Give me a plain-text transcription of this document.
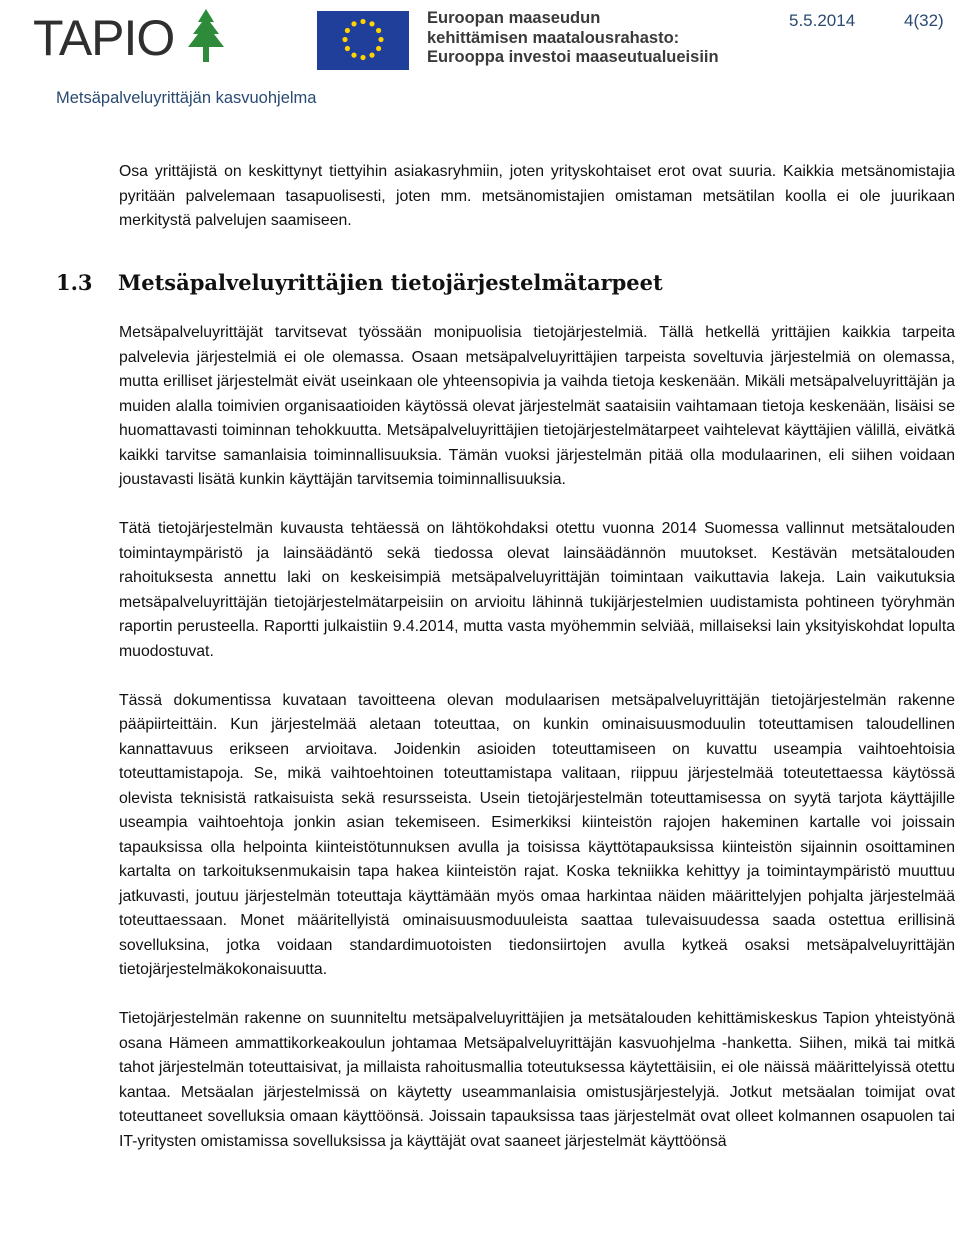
TAPIO	Euroopan maaseudun
kehittämisen maatalousrahasto:
Eurooppa investoi maaseutualueisiin
5.5.2014	4(32)
Metsäpalveluyrittäjän kasvuohjelma

Osa yrittäjistä on keskittynyt tiettyihin asiakasryhmiin, joten yrityskohtaiset erot ovat suuria. Kaikkia metsänomistajia pyritään palvelemaan tasapuolisesti, joten mm. metsänomistajien omistaman metsätilan koolla ei ole juurikaan merkitystä palvelujen saamiseen.

1.3 Metsäpalveluyrittäjien tietojärjestelmätarpeet

Metsäpalveluyrittäjät tarvitsevat työssään monipuolisia tietojärjestelmiä. Tällä hetkellä yrittäjien kaikkia tarpeita palvelevia järjestelmiä ei ole olemassa. Osaan metsäpalveluyrittäjien tarpeista soveltuvia järjestelmiä on olemassa, mutta erilliset järjestelmät eivät useinkaan ole yhteensopivia ja vaihda tietoja keskenään. Mikäli metsäpalveluyrittäjän ja muiden alalla toimivien organisaatioiden käytössä olevat järjestelmät saataisiin vaihtamaan tietoja keskenään, lisäisi se huomattavasti toiminnan tehokkuutta. Metsäpalveluyrittäjien tietojärjestelmätarpeet vaihtelevat käyttäjien välillä, eivätkä kaikki tarvitse samanlaisia toiminnallisuuksia. Tämän vuoksi järjestelmän pitää olla modulaarinen, eli siihen voidaan joustavasti lisätä kunkin käyttäjän tarvitsemia toiminnallisuuksia.

Tätä tietojärjestelmän kuvausta tehtäessä on lähtökohdaksi otettu vuonna 2014 Suomessa vallinnut metsätalouden toimintaympäristö ja lainsäädäntö sekä tiedossa olevat lainsäädännön muutokset. Kestävän metsätalouden rahoituksesta annettu laki on keskeisimpiä metsäpalveluyrittäjän toimintaan vaikuttavia lakeja. Lain vaikutuksia metsäpalveluyrittäjän tietojärjestelmätarpeisiin on arvioitu lähinnä tukijärjestelmien uudistamista pohtineen työryhmän raportin perusteella. Raportti julkaistiin 9.4.2014, mutta vasta myöhemmin selviää, millaiseksi lain yksityiskohdat lopulta muodostuvat.

Tässä dokumentissa kuvataan tavoitteena olevan modulaarisen metsäpalveluyrittäjän tietojärjestelmän rakenne pääpiirteittäin. Kun järjestelmää aletaan toteuttaa, on kunkin ominaisuusmoduulin toteuttamisen taloudellinen kannattavuus erikseen arvioitava. Joidenkin asioiden toteuttamiseen on kuvattu useampia vaihtoehtoisia toteuttamistapoja. Se, mikä vaihtoehtoinen toteuttamistapa valitaan, riippuu järjestelmää toteutettaessa käytössä olevista teknisistä ratkaisuista sekä resursseista. Usein tietojärjestelmän toteuttamisessa on syytä tarjota käyttäjille useampia vaihtoehtoja jonkin asian tekemiseen. Esimerkiksi kiinteistön rajojen hakeminen kartalle voi joissain tapauksissa olla helpointa kiinteistötunnuksen avulla ja toisissa käyttötapauksissa kiinteistön sijainnin osoittaminen kartalta on tarkoituksenmukaisin tapa hakea kiinteistön rajat. Koska tekniikka kehittyy ja toimintaympäristö muuttuu jatkuvasti, joutuu järjestelmän toteuttaja käyttämään myös omaa harkintaa näiden määrittelyjen pohjalta järjestelmää toteuttaessaan. Monet määritellyistä ominaisuusmoduuleista saattaa tulevaisuudessa saada ostettua erillisinä sovelluksina, jotka voidaan standardimuotoisten tiedonsiirtojen avulla kytkeä osaksi metsäpalveluyrittäjän tietojärjestelmäkokonaisuutta.

Tietojärjestelmän rakenne on suunniteltu metsäpalveluyrittäjien ja metsätalouden kehittämiskeskus Tapion yhteistyönä osana Hämeen ammattikorkeakoulun johtamaa Metsäpalveluyrittäjän kasvuohjelma -hanketta. Siihen, mikä tai mitkä tahot järjestelmän toteuttaisivat, ja millaista rahoitusmallia toteutuksessa käytettäisiin, ei ole näissä määrittelyissä otettu kantaa. Metsäalan järjestelmissä on käytetty useammanlaisia omistusjärjestelyjä. Jotkut metsäalan toimijat ovat toteuttaneet sovelluksia omaan käyttöönsä. Joissain tapauksissa taas järjestelmät ovat olleet kolmannen osapuolen tai IT-yritysten omistamissa sovelluksissa ja käyttäjät ovat saaneet järjestelmät käyttöönsä
